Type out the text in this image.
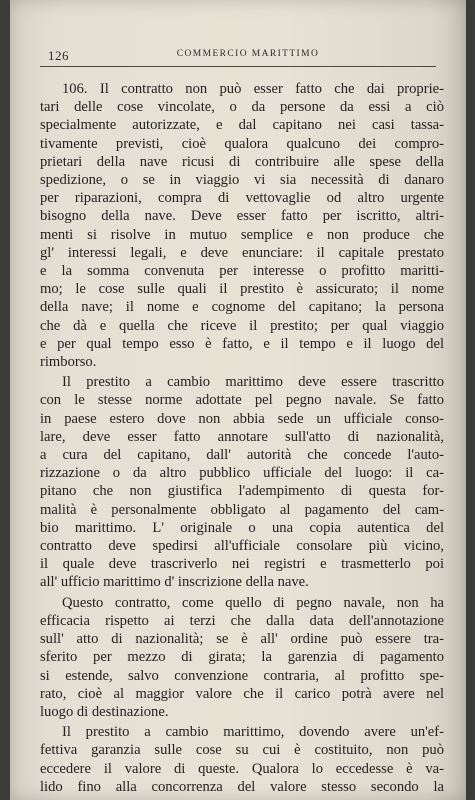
126	COMMERCIO MARITTIMO
106. Il contratto non può esser fatto che dai proprie-
tari delle cose vincolate, o da persone da essi a ciò
specialmente autorizzate, e dal capitano nei casi tassa-
tivamente previsti, cioè qualora qualcuno dei compro-
prietari della nave ricusi di contribuire alle spese della
spedizione, o se in viaggio vi sia necessità di danaro
per riparazioni, compra di vettovaglie od altro urgente
bisogno della nave. Deve esser fatto per iscritto, altri-
menti si risolve in mutuo semplice e non produce che
gl' interessi legali, e deve enunciare: il capitale prestato
e la somma convenuta per interesse o profitto maritti-
mo; le cose sulle quali il prestito è assicurato; il nome
della nave; il nome e cognome del capitano; la persona
che dà e quella che riceve il prestito; per qual viaggio
e per qual tempo esso è fatto, e il tempo e il luogo del
rimborso.
Il prestito a cambio marittimo deve essere trascritto
con le stesse norme adottate pel pegno navale. Se fatto
in paese estero dove non abbia sede un ufficiale conso-
lare, deve esser fatto annotare sull'atto di nazionalità,
a cura del capitano, dall' autorità che concede l'auto-
rizzazione o da altro pubblico ufficiale del luogo: il ca-
pitano che non giustifica l'adempimento di questa for-
malità è personalmente obbligato al pagamento del cam-
bio marittimo. L' originale o una copia autentica del
contratto deve spedirsi all'ufficiale consolare più vicino,
il quale deve trascriverlo nei registri e trasmetterlo poi
all' ufficio marittimo d' inscrizione della nave.
Questo contratto, come quello di pegno navale, non ha
efficacia rispetto ai terzi che dalla data dell'annotazione
sull' atto di nazionalità; se è all' ordine può essere tra-
sferito per mezzo di girata; la garenzia di pagamento
si estende, salvo convenzione contraria, al profitto spe-
rato, cioè al maggior valore che il carico potrà avere nel
luogo di destinazione.
Il prestito a cambio marittimo, dovendo avere un'ef-
fettiva garanzia sulle cose su cui è costituito, non può
eccedere il valore di queste. Qualora lo eccedesse è va-
lido fino alla concorrenza del valore stesso secondo la
